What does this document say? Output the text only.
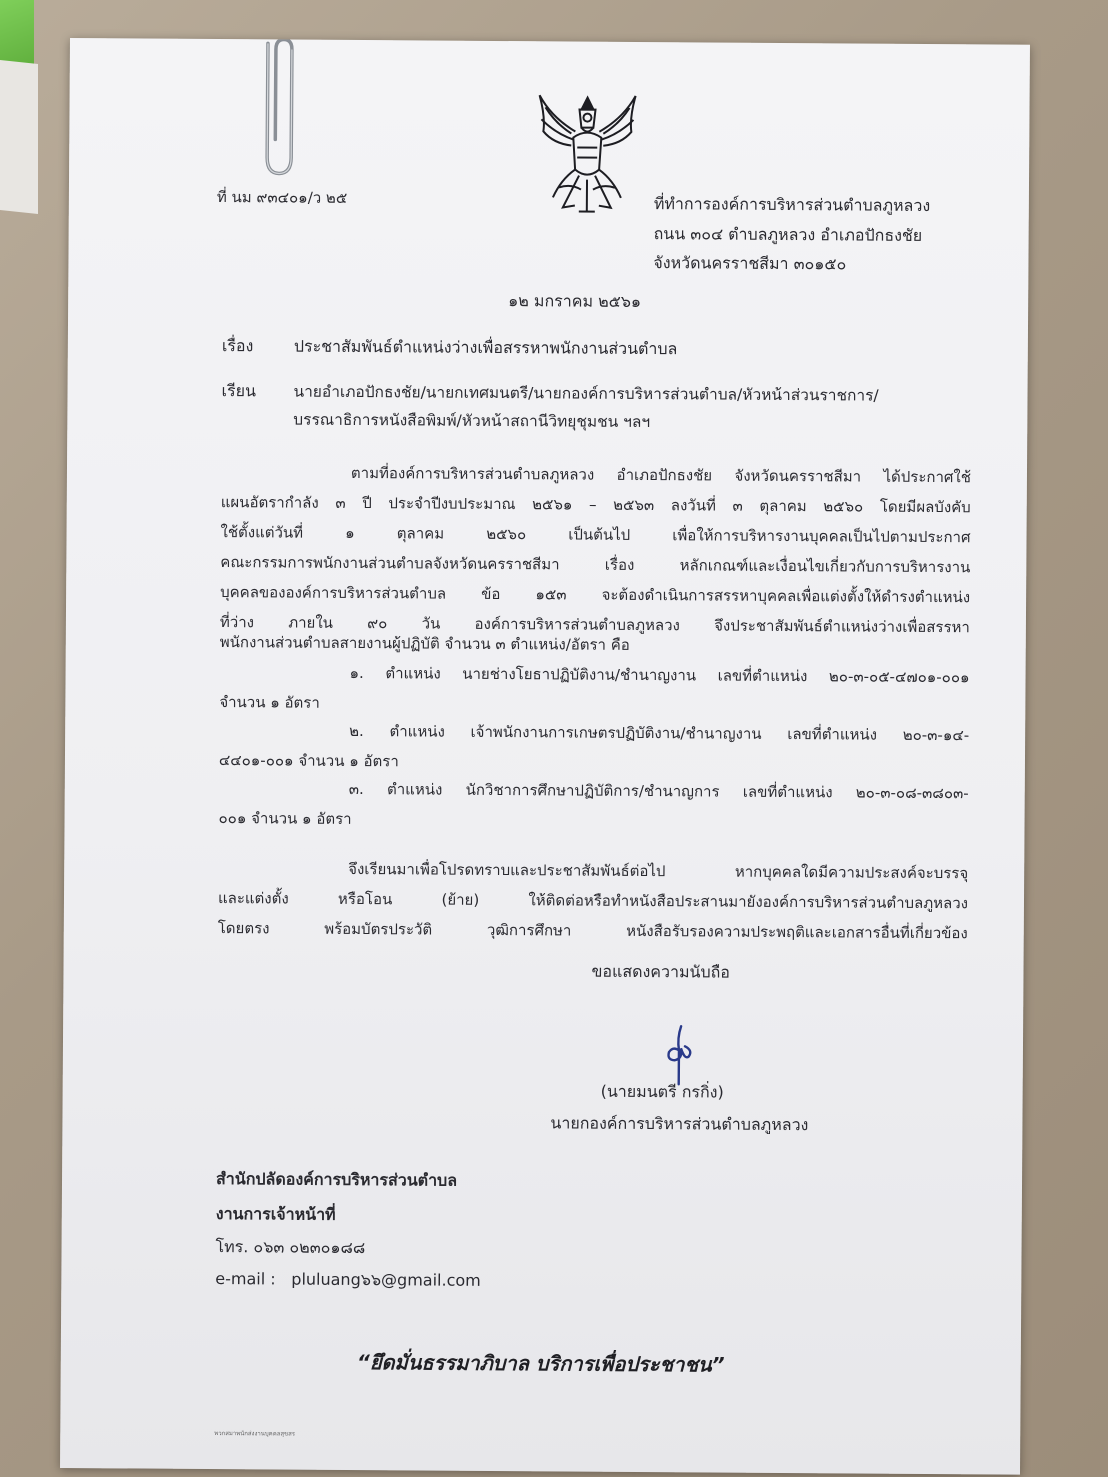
ที่ นม ๙๓๔๐๑/ว ๒๕	ที่ทำการองค์การบริหารส่วนตำบลภูหลวง
ถนน ๓๐๔ ตำบลภูหลวง อำเภอปักธงชัย
จังหวัดนครราชสีมา ๓๐๑๕๐
๑๒ มกราคม ๒๕๖๑
เรื่อง	ประชาสัมพันธ์ตำแหน่งว่างเพื่อสรรหาพนักงานส่วนตำบล
เรียน นายอำเภอปักธงชัย/นายกเทศมนตรี/นายกองค์การบริหารส่วนตำบล/หัวหน้าส่วนราชการ/
บรรณาธิการหนังสือพิมพ์/หัวหน้าสถานีวิทยุชุมชน ฯลฯ
ตามที่องค์การบริหารส่วนตำบลภูหลวง อำเภอปักธงชัย จังหวัดนครราชสีมา ได้ประกาศใช้
แผนอัตรากำลัง ๓ ปี ประจำปีงบประมาณ ๒๕๖๑ – ๒๕๖๓ ลงวันที่ ๓ ตุลาคม ๒๕๖๐ โดยมีผลบังคับ
ใช้ตั้งแต่วันที่ ๑ ตุลาคม ๒๕๖๐ เป็นต้นไป เพื่อให้การบริหารงานบุคคลเป็นไปตามประกาศ
คณะกรรมการพนักงานส่วนตำบลจังหวัดนครราชสีมา เรื่อง หลักเกณฑ์และเงื่อนไขเกี่ยวกับการบริหารงาน
บุคคลขององค์การบริหารส่วนตำบล ข้อ ๑๕๓ จะต้องดำเนินการสรรหาบุคคลเพื่อแต่งตั้งให้ดำรงตำแหน่ง
ที่ว่าง ภายใน ๙๐ วัน องค์การบริหารส่วนตำบลภูหลวง จึงประชาสัมพันธ์ตำแหน่งว่างเพื่อสรรหา
พนักงานส่วนตำบลสายงานผู้ปฏิบัติ จำนวน ๓ ตำแหน่ง/อัตรา คือ
๑. ตำแหน่ง นายช่างโยธาปฏิบัติงาน/ชำนาญงาน เลขที่ตำแหน่ง ๒๐-๓-๐๕-๔๗๐๑-๐๐๑
จำนวน ๑ อัตรา
๒. ตำแหน่ง เจ้าพนักงานการเกษตรปฏิบัติงาน/ชำนาญงาน เลขที่ตำแหน่ง ๒๐-๓-๑๔-
๔๔๐๑-๐๐๑ จำนวน ๑ อัตรา
๓. ตำแหน่ง นักวิชาการศึกษาปฏิบัติการ/ชำนาญการ เลขที่ตำแหน่ง ๒๐-๓-๐๘-๓๘๐๓-
๐๐๑ จำนวน ๑ อัตรา
จึงเรียนมาเพื่อโปรดทราบและประชาสัมพันธ์ต่อไป หากบุคคลใดมีความประสงค์จะบรรจุ
และแต่งตั้ง หรือโอน (ย้าย) ให้ติดต่อหรือทำหนังสือประสานมายังองค์การบริหารส่วนตำบลภูหลวง
โดยตรง พร้อมบัตรประวัติ วุฒิการศึกษา หนังสือรับรองความประพฤติและเอกสารอื่นที่เกี่ยวข้อง
ขอแสดงความนับถือ
(นายมนตรี กรกิ่ง)
นายกองค์การบริหารส่วนตำบลภูหลวง
สำนักปลัดองค์การบริหารส่วนตำบล
งานการเจ้าหน้าที่
โทร. ๐๖๓ ๐๒๓๐๑๘๘
e-mail : pluluang๖๖@gmail.com
“ยึดมั่นธรรมาภิบาล บริการเพื่อประชาชน”
พวกสมาพนักส่งงานบุคคลสุขสร
